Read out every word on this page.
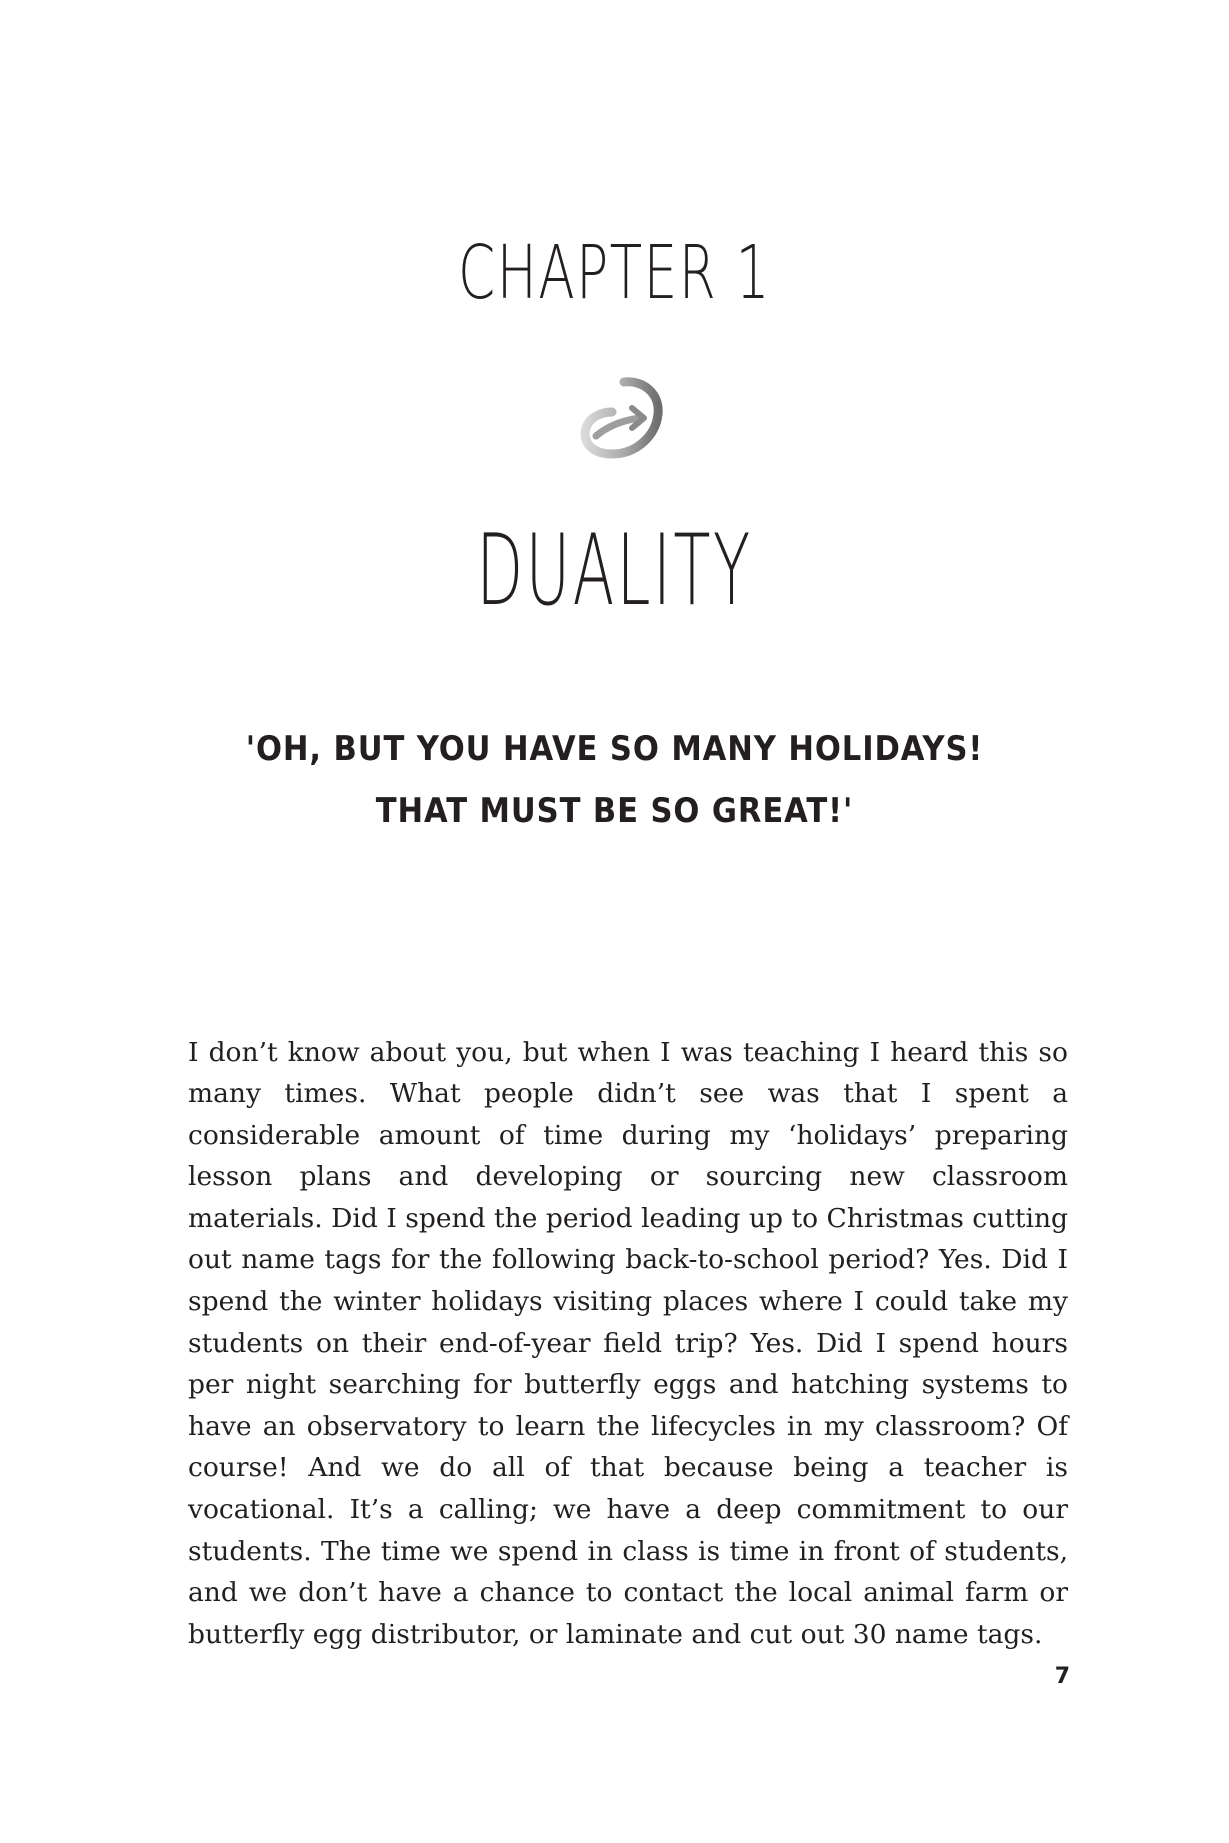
CHAPTER 1
DUALITY
'OH, BUT YOU HAVE SO MANY HOLIDAYS!
THAT MUST BE SO GREAT!'

I don’t know about you, but when I was teaching I heard this so many times. What people didn’t see was that I spent a considerable amount of time during my ‘holidays’ preparing lesson plans and developing or sourcing new classroom materials. Did I spend the period leading up to Christmas cutting out name tags for the following back-to-school period? Yes. Did I spend the winter holidays visiting places where I could take my students on their end-of-year field trip? Yes. Did I spend hours per night searching for butterfly eggs and hatching systems to have an observatory to learn the lifecycles in my classroom? Of course! And we do all of that because being a teacher is vocational. It’s a calling; we have a deep commitment to our students. The time we spend in class is time in front of students, and we don’t have a chance to contact the local animal farm or butterfly egg distributor, or laminate and cut out 30 name tags.

7
